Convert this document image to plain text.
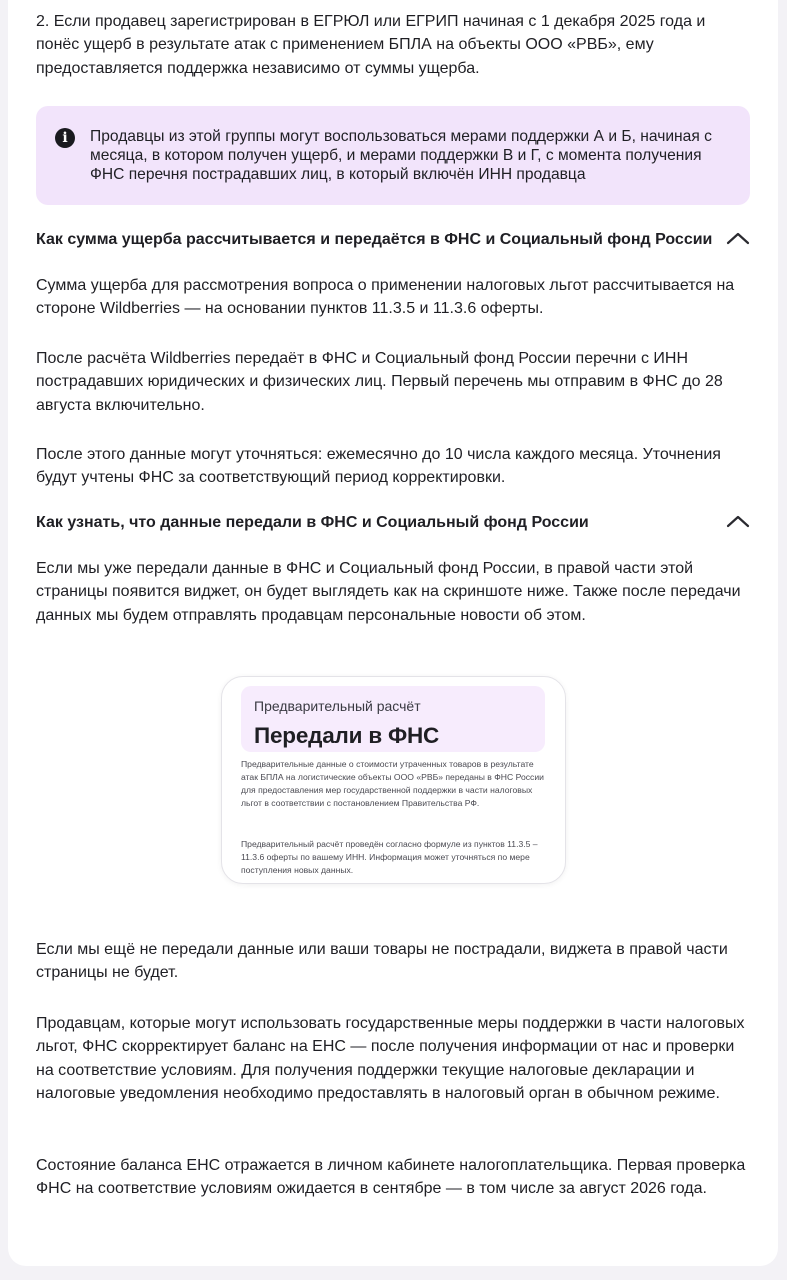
2. Если продавец зарегистрирован в ЕГРЮЛ или ЕГРИП начиная с 1 декабря 2025 года и понёс ущерб в результате атак с применением БПЛА на объекты ООО «РВБ», ему предоставляется поддержка независимо от суммы ущерба.

i	Продавцы из этой группы могут воспользоваться мерами поддержки А и Б, начиная с месяца, в котором получен ущерб, и мерами поддержки В и Г, с момента получения ФНС перечня пострадавших лиц, в который включён ИНН продавца

Как сумма ущерба рассчитывается и передаётся в ФНС и Социальный фонд России

Сумма ущерба для рассмотрения вопроса о применении налоговых льгот рассчитывается на стороне Wildberries — на основании пунктов 11.3.5 и 11.3.6 оферты.

После расчёта Wildberries передаёт в ФНС и Социальный фонд России перечни с ИНН пострадавших юридических и физических лиц. Первый перечень мы отправим в ФНС до 28 августа включительно.

После этого данные могут уточняться: ежемесячно до 10 числа каждого месяца. Уточнения будут учтены ФНС за соответствующий период корректировки.

Как узнать, что данные передали в ФНС и Социальный фонд России

Если мы уже передали данные в ФНС и Социальный фонд России, в правой части этой страницы появится виджет, он будет выглядеть как на скриншоте ниже. Также после передачи данных мы будем отправлять продавцам персональные новости об этом.

Предварительный расчёт

Передали в ФНС

Предварительные данные о стоимости утраченных товаров в результате атак БПЛА на логистические объекты ООО «РВБ» переданы в ФНС России для предоставления мер государственной поддержки в части налоговых льгот в соответствии с постановлением Правительства РФ.

Предварительный расчёт проведён согласно формуле из пунктов 11.3.5 – 11.3.6 оферты по вашему ИНН. Информация может уточняться по мере поступления новых данных.

Если мы ещё не передали данные или ваши товары не пострадали, виджета в правой части страницы не будет.

Продавцам, которые могут использовать государственные меры поддержки в части налоговых льгот, ФНС скорректирует баланс на ЕНС — после получения информации от нас и проверки на соответствие условиям. Для получения поддержки текущие налоговые декларации и налоговые уведомления необходимо предоставлять в налоговый орган в обычном режиме.

Состояние баланса ЕНС отражается в личном кабинете налогоплательщика. Первая проверка ФНС на соответствие условиям ожидается в сентябре — в том числе за август 2026 года.
